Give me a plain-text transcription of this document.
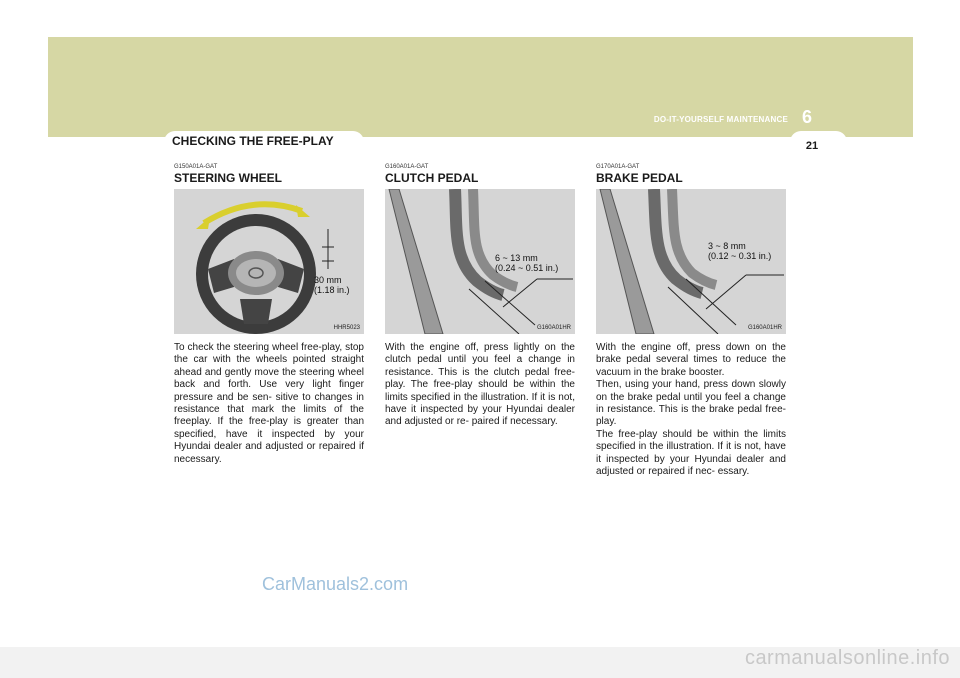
6
DO-IT-YOURSELF MAINTENANCE
21
CHECKING THE FREE-PLAY
G150A01A-GAT
STEERING WHEEL
30 mm
(1.18 in.)
HHR5023
To check the steering wheel free-play, stop the car with the wheels pointed straight ahead and gently move the steering wheel back and forth. Use very light finger pressure and be sen- sitive to changes in resistance that mark the limits of the freeplay. If the free-play is greater than specified, have it inspected by your Hyundai dealer and adjusted or repaired if necessary.
G160A01A-GAT
CLUTCH PEDAL
6 ~ 13 mm
(0.24 ~ 0.51 in.)
G160A01HR
With the engine off, press lightly on the clutch pedal until you feel a change in resistance. This is the clutch pedal free-play. The free-play should be within the limits specified in the illustration. If it is not, have it inspected by your Hyundai dealer and adjusted or re- paired if necessary.
G170A01A-GAT
BRAKE PEDAL
3 ~ 8 mm
(0.12 ~ 0.31 in.)
G160A01HR
With the engine off, press down on the brake pedal several times to reduce the vacuum in the brake booster.
Then, using your hand, press down slowly on the brake pedal until you feel a change in resistance. This is the brake pedal free-play.
The free-play should be within the limits specified in the illustration. If it is not, have it inspected by your Hyundai dealer and adjusted or repaired if nec- essary.
CarManuals2.com
carmanualsonline.info
